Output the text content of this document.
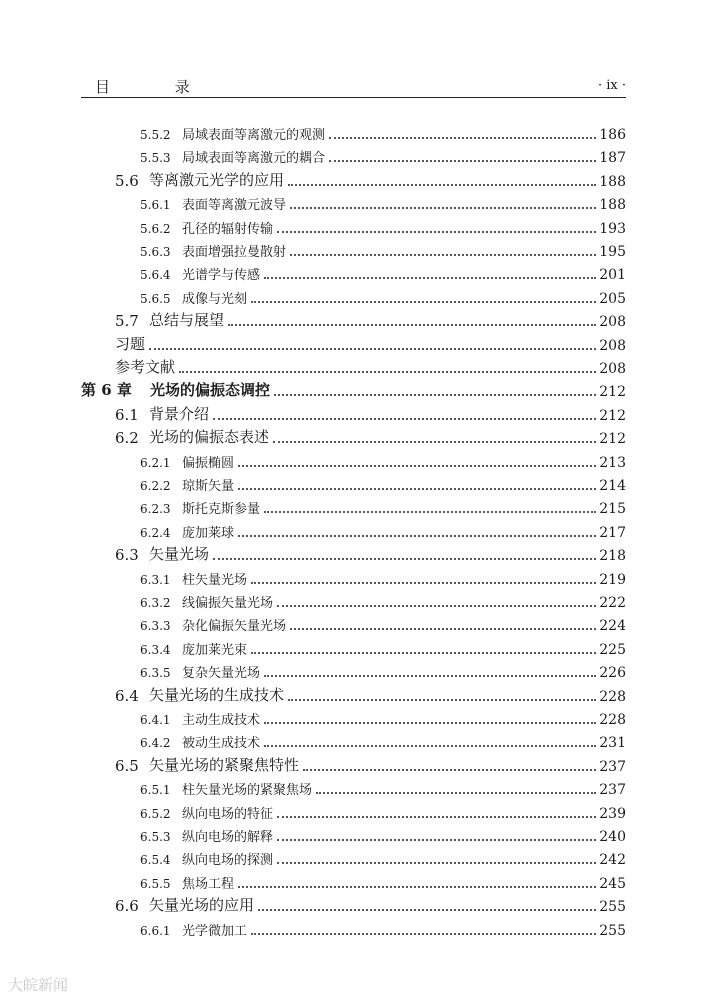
目 录	· ix ·
5.5.2 局域表面等离激元的观测	186
5.5.3 局域表面等离激元的耦合	187
5.6 等离激元光学的应用	188
5.6.1 表面等离激元波导	188
5.6.2 孔径的辐射传输	193
5.6.3 表面增强拉曼散射	195
5.6.4 光谱学与传感	201
5.6.5 成像与光刻	205
5.7 总结与展望	208
习题	208
参考文献	208
第 6 章 光场的偏振态调控	212
6.1 背景介绍	212
6.2 光场的偏振态表述	212
6.2.1 偏振椭圆	213
6.2.2 琼斯矢量	214
6.2.3 斯托克斯参量	215
6.2.4 庞加莱球	217
6.3 矢量光场	218
6.3.1 柱矢量光场	219
6.3.2 线偏振矢量光场	222
6.3.3 杂化偏振矢量光场	224
6.3.4 庞加莱光束	225
6.3.5 复杂矢量光场	226
6.4 矢量光场的生成技术	228
6.4.1 主动生成技术	228
6.4.2 被动生成技术	231
6.5 矢量光场的紧聚焦特性	237
6.5.1 柱矢量光场的紧聚焦场	237
6.5.2 纵向电场的特征	239
6.5.3 纵向电场的解释	240
6.5.4 纵向电场的探测	242
6.5.5 焦场工程	245
6.6 矢量光场的应用	255
6.6.1 光学微加工	255
大皖新闻
